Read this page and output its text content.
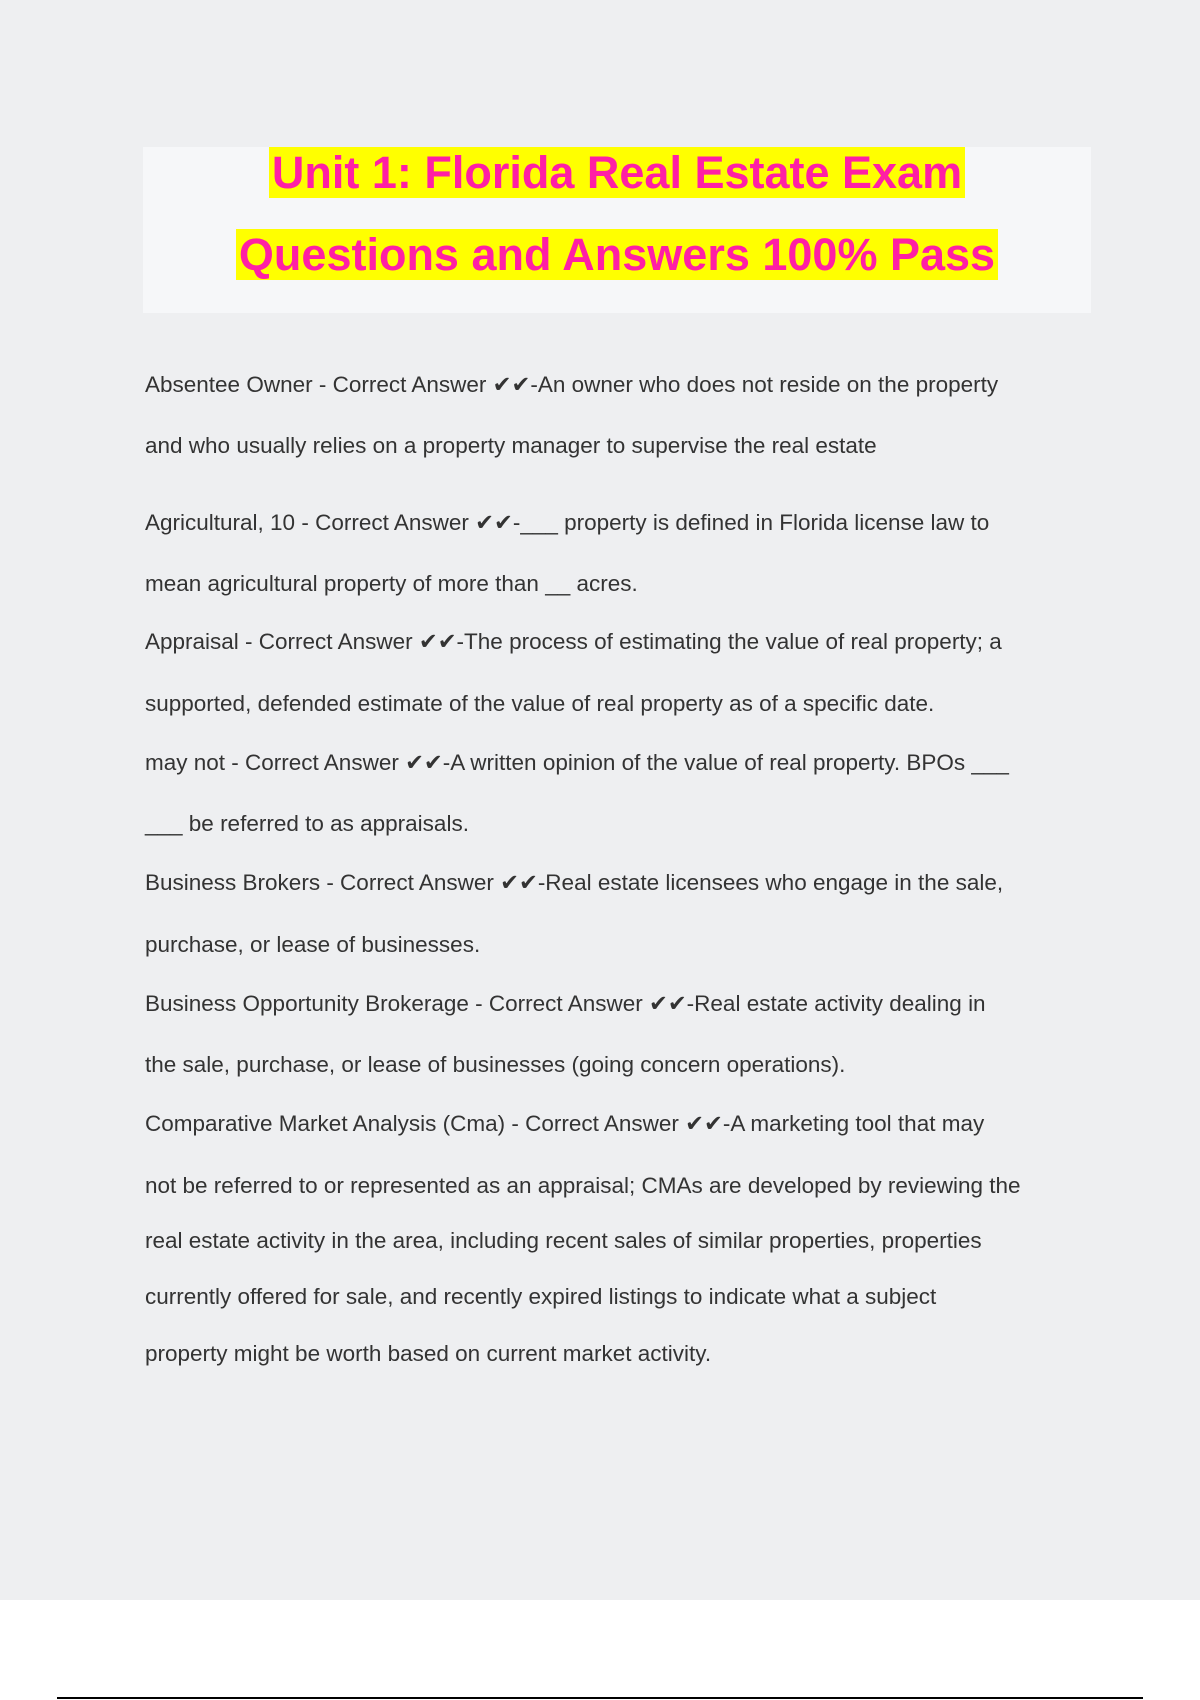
Unit 1: Florida Real Estate Exam
Questions and Answers 100% Pass
Absentee Owner - Correct Answer ✔✔-An owner who does not reside on the property
and who usually relies on a property manager to supervise the real estate
Agricultural, 10 - Correct Answer ✔✔-___ property is defined in Florida license law to
mean agricultural property of more than __ acres.
Appraisal - Correct Answer ✔✔-The process of estimating the value of real property; a
supported, defended estimate of the value of real property as of a specific date.
may not - Correct Answer ✔✔-A written opinion of the value of real property. BPOs ___
___ be referred to as appraisals.
Business Brokers - Correct Answer ✔✔-Real estate licensees who engage in the sale,
purchase, or lease of businesses.
Business Opportunity Brokerage - Correct Answer ✔✔-Real estate activity dealing in
the sale, purchase, or lease of businesses (going concern operations).
Comparative Market Analysis (Cma) - Correct Answer ✔✔-A marketing tool that may
not be referred to or represented as an appraisal; CMAs are developed by reviewing the
real estate activity in the area, including recent sales of similar properties, properties
currently offered for sale, and recently expired listings to indicate what a subject
property might be worth based on current market activity.
